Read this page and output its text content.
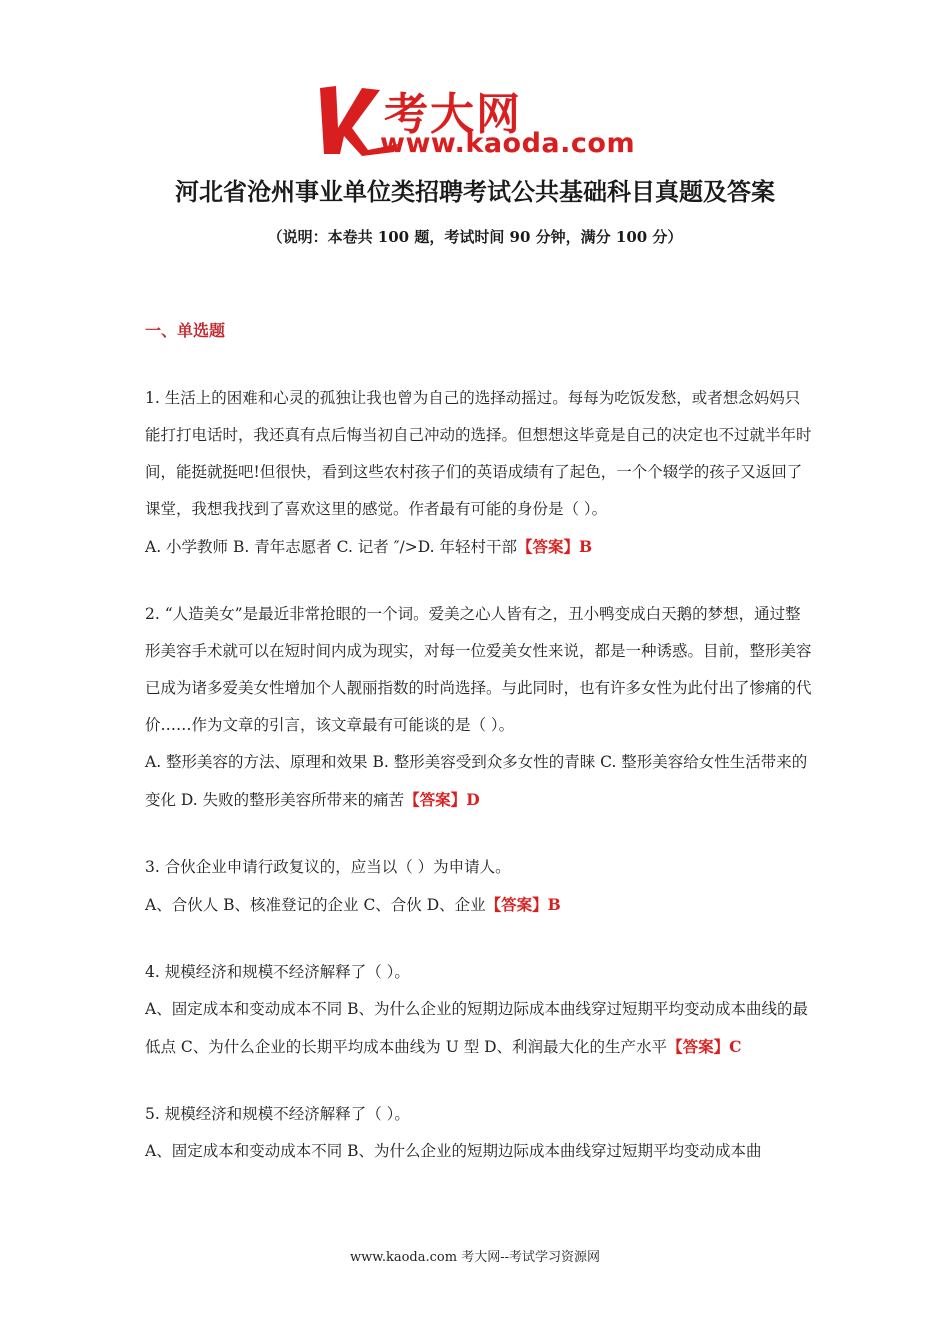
考大网
www.kaoda.com
河北省沧州事业单位类招聘考试公共基础科目真题及答案
（说明：本卷共 100 题，考试时间 90 分钟，满分 100 分）
一、单选题

1. 生活上的困难和心灵的孤独让我也曾为自己的选择动摇过。每每为吃饭发愁，或者想念妈妈只能打打电话时，我还真有点后悔当初自己冲动的选择。但想想这毕竟是自己的决定也不过就半年时间，能挺就挺吧!但很快，看到这些农村孩子们的英语成绩有了起色，一个个辍学的孩子又返回了课堂，我想我找到了喜欢这里的感觉。作者最有可能的身份是（ ）。

A. 小学教师 B. 青年志愿者 C. 记者 ″/>D. 年轻村干部【答案】B

2. “人造美女”是最近非常抢眼的一个词。爱美之心人皆有之，丑小鸭变成白天鹅的梦想，通过整形美容手术就可以在短时间内成为现实，对每一位爱美女性来说，都是一种诱惑。目前，整形美容已成为诸多爱美女性增加个人靓丽指数的时尚选择。与此同时，也有许多女性为此付出了惨痛的代价……作为文章的引言，该文章最有可能谈的是（ ）。

A. 整形美容的方法、原理和效果 B. 整形美容受到众多女性的青睐 C. 整形美容给女性生活带来的变化 D. 失败的整形美容所带来的痛苦【答案】D

3. 合伙企业申请行政复议的，应当以（ ）为申请人。

A、合伙人 B、核准登记的企业 C、合伙 D、企业【答案】B

4. 规模经济和规模不经济解释了（ ）。

A、固定成本和变动成本不同 B、为什么企业的短期边际成本曲线穿过短期平均变动成本曲线的最低点 C、为什么企业的长期平均成本曲线为 U 型 D、利润最大化的生产水平【答案】C

5. 规模经济和规模不经济解释了（ ）。

A、固定成本和变动成本不同 B、为什么企业的短期边际成本曲线穿过短期平均变动成本曲

www.kaoda.com 考大网--考试学习资源网
